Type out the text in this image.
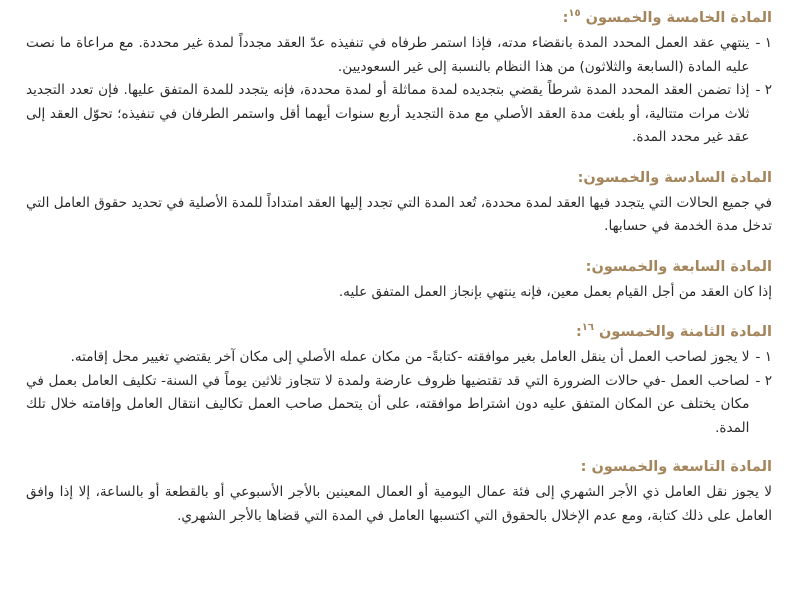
المادة الخامسة والخمسون $^{١٥}$:
١ -
ينتهي عقد العمل المحدد المدة بانقضاء مدته، فإذا استمر طرفاه في تنفيذه عدّ العقد مجدداً لمدة غير محددة. مع مراعاة ما نصت عليه المادة (السابعة والثلاثون) من هذا النظام بالنسبة إلى غير السعوديين.
٢ -
إذا تضمن العقد المحدد المدة شرطاً يقضي بتجديده لمدة مماثلة أو لمدة محددة، فإنه يتجدد للمدة المتفق عليها. فإن تعدد التجديد ثلاث مرات متتالية، أو بلغت مدة العقد الأصلي مع مدة التجديد أربع سنوات أيهما أقل واستمر الطرفان في تنفيذه؛ تحوّل العقد إلى عقد غير محدد المدة.
المادة السادسة والخمسون:

في جميع الحالات التي يتجدد فيها العقد لمدة محددة، تُعد المدة التي تجدد إليها العقد امتداداً للمدة الأصلية في تحديد حقوق العامل التي تدخل مدة الخدمة في حسابها.

المادة السابعة والخمسون:

إذا كان العقد من أجل القيام بعمل معين، فإنه ينتهي بإنجاز العمل المتفق عليه.

المادة الثامنة والخمسون $^{١٦}$:
١ -
لا يجوز لصاحب العمل أن ينقل العامل بغير موافقته -كتابةً- من مكان عمله الأصلي إلى مكان آخر يقتضي تغيير محل إقامته.
٢ -
لصاحب العمل -في حالات الضرورة التي قد تقتضيها ظروف عارضة ولمدة لا تتجاوز ثلاثين يوماً في السنة- تكليف العامل بعمل في مكان يختلف عن المكان المتفق عليه دون اشتراط موافقته، على أن يتحمل صاحب العمل تكاليف انتقال العامل وإقامته خلال تلك المدة.
المادة التاسعة والخمسون :

لا يجوز نقل العامل ذي الأجر الشهري إلى فئة عمال اليومية أو العمال المعينين بالأجر الأسبوعي أو بالقطعة أو بالساعة، إلا إذا وافق العامل على ذلك كتابة، ومع عدم الإخلال بالحقوق التي اكتسبها العامل في المدة التي قضاها بالأجر الشهري.
